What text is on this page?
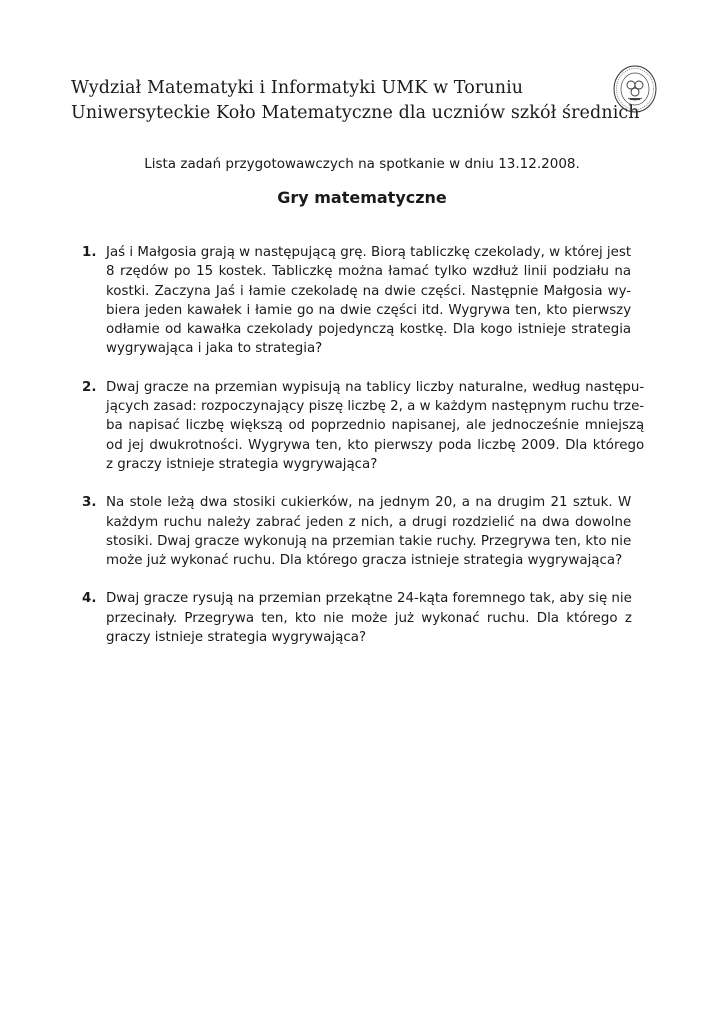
Wydział Matematyki i Informatyki UMK w Toruniu
Uniwersyteckie Koło Matematyczne dla uczniów szkół średnich
Lista zadań przygotowawczych na spotkanie w dniu 13.12.2008.
Gry matematyczne
1. Jaś i Małgosia grają w następującą grę. Biorą tabliczkę czekolady, w której jest
8 rzędów po 15 kostek. Tabliczkę można łamać tylko wzdłuż linii podziału na
kostki. Zaczyna Jaś i łamie czekoladę na dwie części. Następnie Małgosia wy-
biera jeden kawałek i łamie go na dwie części itd. Wygrywa ten, kto pierwszy
odłamie od kawałka czekolady pojedynczą kostkę. Dla kogo istnieje strategia
wygrywająca i jaka to strategia?
2. Dwaj gracze na przemian wypisują na tablicy liczby naturalne, według następu-
jących zasad: rozpoczynający piszę liczbę 2, a w każdym następnym ruchu trze-
ba napisać liczbę większą od poprzednio napisanej, ale jednocześnie mniejszą
od jej dwukrotności. Wygrywa ten, kto pierwszy poda liczbę 2009. Dla którego
z graczy istnieje strategia wygrywająca?
3. Na stole leżą dwa stosiki cukierków, na jednym 20, a na drugim 21 sztuk. W
każdym ruchu należy zabrać jeden z nich, a drugi rozdzielić na dwa dowolne
stosiki. Dwaj gracze wykonują na przemian takie ruchy. Przegrywa ten, kto nie
może już wykonać ruchu. Dla którego gracza istnieje strategia wygrywająca?
4. Dwaj gracze rysują na przemian przekątne 24-kąta foremnego tak, aby się nie
przecinały. Przegrywa ten, kto nie może już wykonać ruchu. Dla którego z
graczy istnieje strategia wygrywająca?
